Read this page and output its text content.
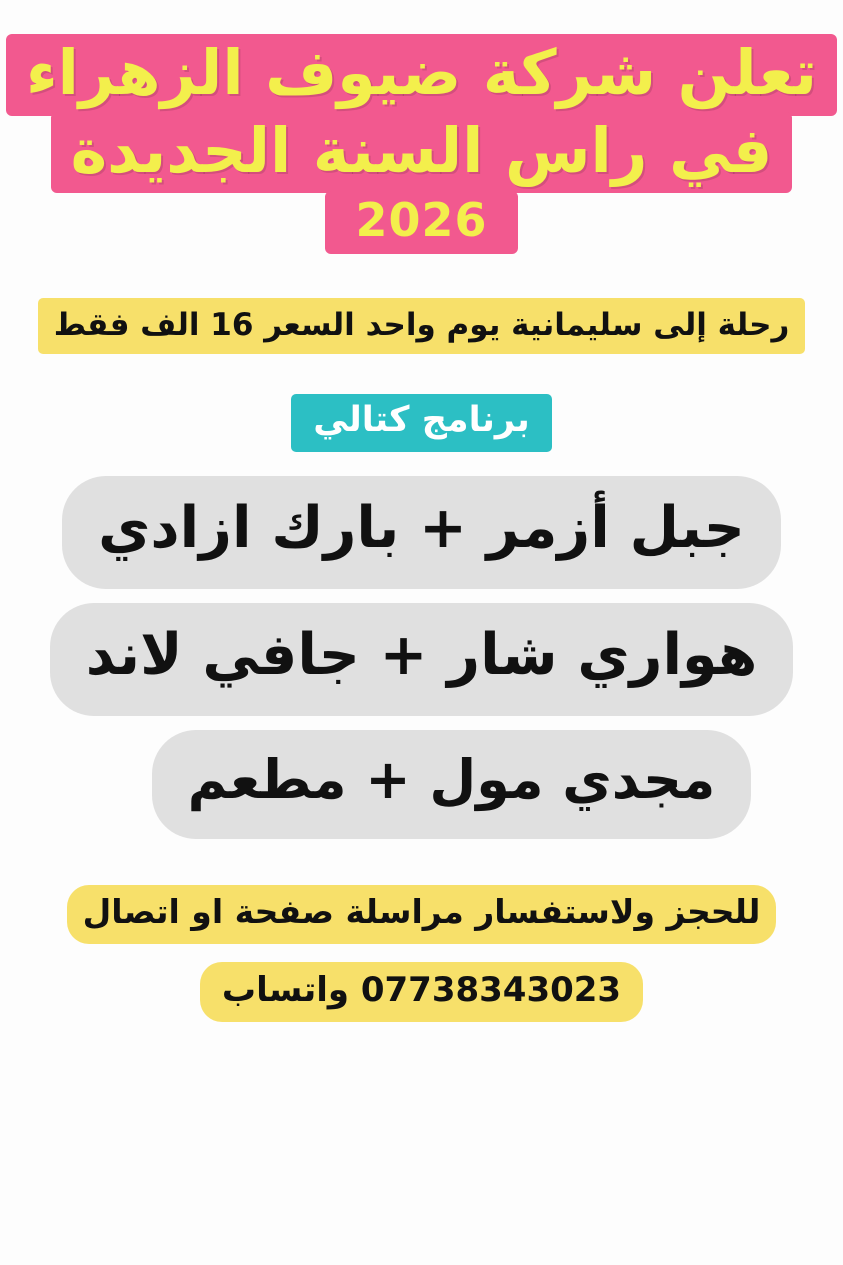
تعلن شركة ضيوف الزهراء
في راس السنة الجديدة
2026
رحلة إلى سليمانية يوم واحد السعر 16 الف فقط
برنامج كتالي
جبل أزمر + بارك ازادي
هواري شار + جافي لاند
مجدي مول + مطعم
للحجز ولاستفسار مراسلة صفحة او اتصال
07738343023 واتساب
